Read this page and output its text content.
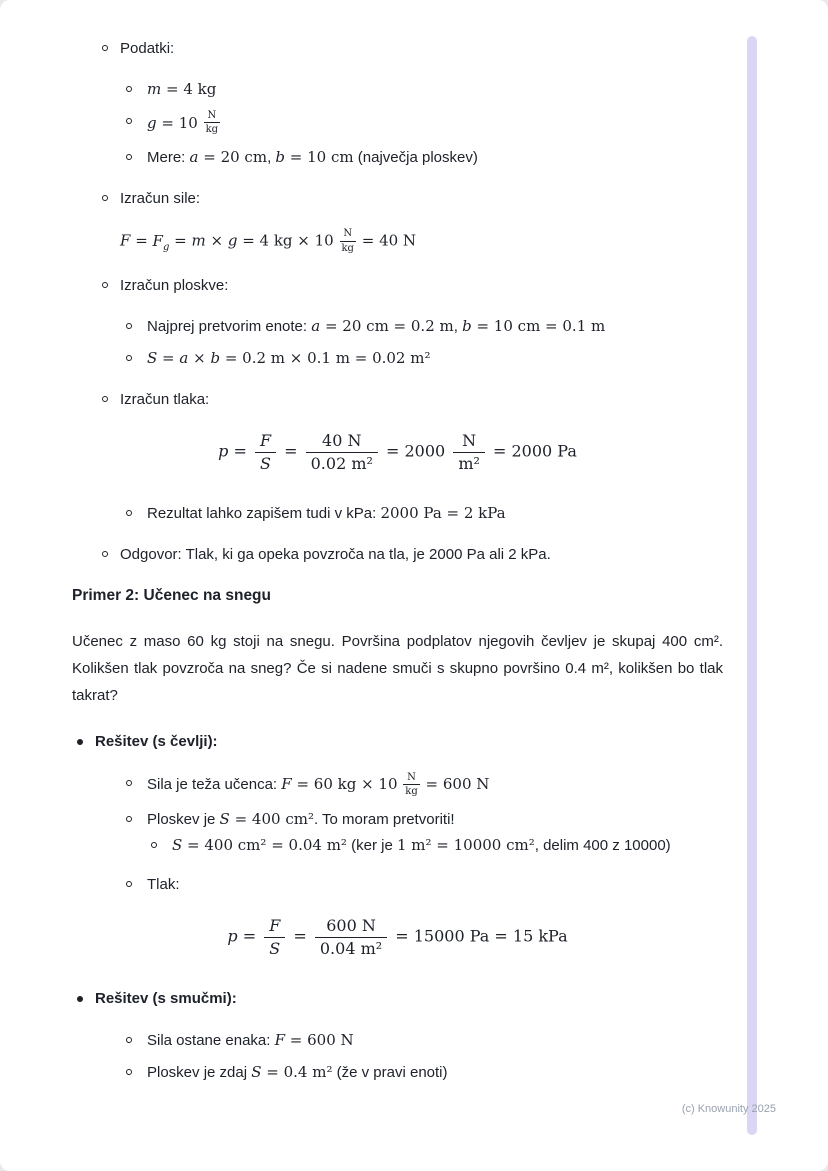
Podatki:
m = 4 kg
$g = 10 \frac{N}{kg}$
Mere: a = 20 cm, b = 10 cm (največja ploskev)
Izračun sile:
$F = F_g = m \times g = 4$ kg × $10 \frac{N}{kg} = 40$ N
Izračun ploskve:
Najprej pretvorim enote: a = 20 cm = 0.2 m, b = 10 cm = 0.1 m
S = a × b = 0.2 m × 0.1 m = 0.02 m²
Izračun tlaka:
$p = \frac{F}{S} = \frac{40 N}{\text{0.02 m²}} = 2000 \frac{N}{\text{m²}} = 2000$ Pa
Rezultat lahko zapišem tudi v kPa: 2000 Pa = 2 kPa
Odgovor: Tlak, ki ga opeka povzroča na tla, je 2000 Pa ali 2 kPa.
Primer 2: Učenec na snegu
Učenec z maso 60 kg stoji na snegu. Površina podplatov njegovih čevljev je skupaj 400 cm². Kolikšen tlak povzroča na sneg? Če si nadene smuči s skupno površino 0.4 m², kolikšen bo tlak takrat?
Rešitev (s čevlji):
Sila je teža učenca: F = 60 kg × $10 \frac{N}{kg} = 600$ N
Ploskev je S = 400 cm². To moram pretvoriti!
S = 400 cm² = 0.04 m² (ker je 1 m² = 10000 cm², delim 400 z 10000)
Tlak:
$p = \frac{F}{S} = \frac{600 N}{\text{0.04 m²}} = 15000$ Pa = 15 kPa
Rešitev (s smučmi):
Sila ostane enaka: F = 600 N
Ploskev je zdaj S = 0.4 m² (že v pravi enoti)
(c) Knowunity 2025
